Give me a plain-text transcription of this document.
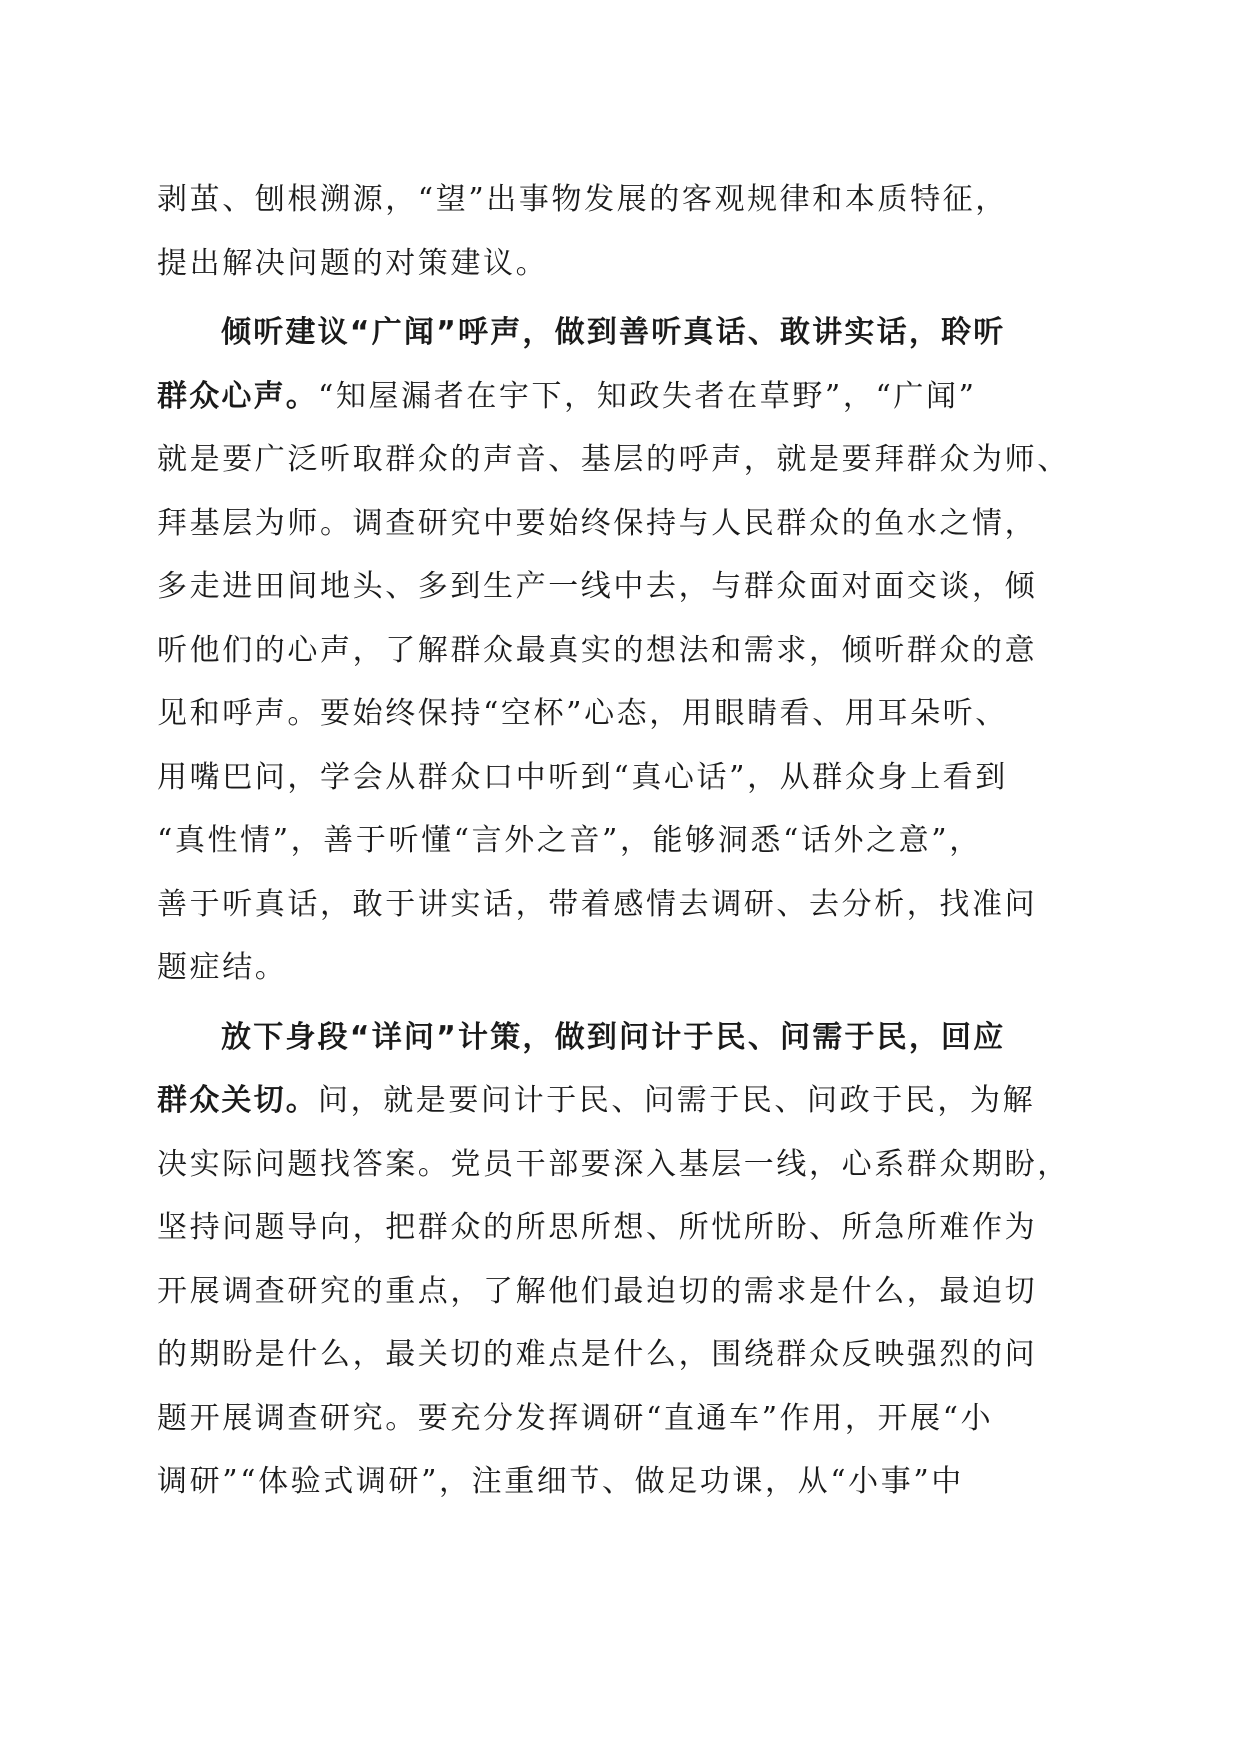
剥茧、刨根溯源，“望”出事物发展的客观规律和本质特征，
提出解决问题的对策建议。
倾听建议“广闻”呼声，做到善听真话、敢讲实话，聆听
群众心声。“知屋漏者在宇下，知政失者在草野”，“广闻”
就是要广泛听取群众的声音、基层的呼声，就是要拜群众为师、
拜基层为师。调查研究中要始终保持与人民群众的鱼水之情，
多走进田间地头、多到生产一线中去，与群众面对面交谈，倾
听他们的心声，了解群众最真实的想法和需求，倾听群众的意
见和呼声。要始终保持“空杯”心态，用眼睛看、用耳朵听、
用嘴巴问，学会从群众口中听到“真心话”，从群众身上看到
“真性情”，善于听懂“言外之音”，能够洞悉“话外之意”，
善于听真话，敢于讲实话，带着感情去调研、去分析，找准问
题症结。
放下身段“详问”计策，做到问计于民、问需于民，回应
群众关切。问，就是要问计于民、问需于民、问政于民，为解
决实际问题找答案。党员干部要深入基层一线，心系群众期盼，
坚持问题导向，把群众的所思所想、所忧所盼、所急所难作为
开展调查研究的重点，了解他们最迫切的需求是什么，最迫切
的期盼是什么，最关切的难点是什么，围绕群众反映强烈的问
题开展调查研究。要充分发挥调研“直通车”作用，开展“小
调研”“体验式调研”，注重细节、做足功课，从“小事”中
